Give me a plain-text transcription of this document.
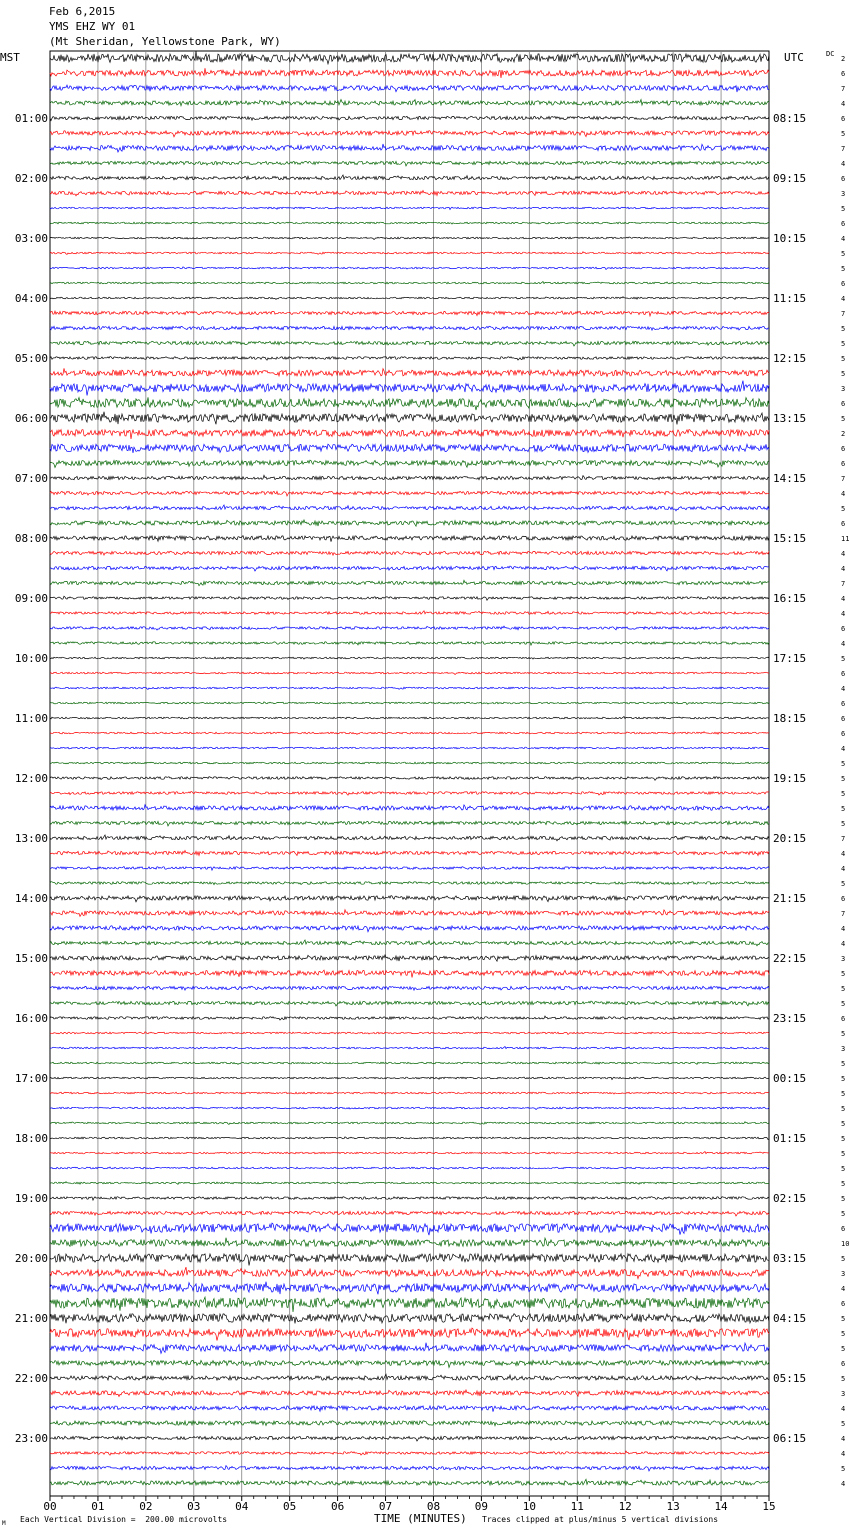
Feb 6,2015
YMS EHZ WY 01
(Mt Sheridan, Yellowstone Park, WY)
2
6
7
4
6
5
7
4
6
3
5
6
4
5
5
6
4
7
5
5
5
5
3
6
5
2
6
6
7
4
5
6
11
4
4
7
4
4
6
4
5
6
4
6
6
6
4
5
5
5
5
5
7
4
4
5
6
7
4
4
3
5
5
5
6
5
3
5
5
5
5
5
5
5
5
5
5
5
6
10
5
3
4
6
5
5
5
6
5
3
4
5
4
4
5
4
01:00	08:15
02:00	09:15
03:00	10:15
04:00	11:15
05:00	12:15
06:00	13:15
07:00	14:15
08:00	15:15
09:00	16:15
10:00	17:15
11:00	18:15
12:00	19:15
13:00	20:15
14:00	21:15
15:00	22:15
16:00	23:15
17:00	00:15
18:00	01:15
19:00	02:15
20:00	03:15
21:00	04:15
22:00	05:15
23:00	06:15
MST	UTC	DC
00	01	02	03	04	05	06	07	08	09	10	11	12	13	14	15
M Each Vertical Division =  200.00 microvolts	TIME (MINUTES) Traces clipped at plus/minus 5 vertical divisions
